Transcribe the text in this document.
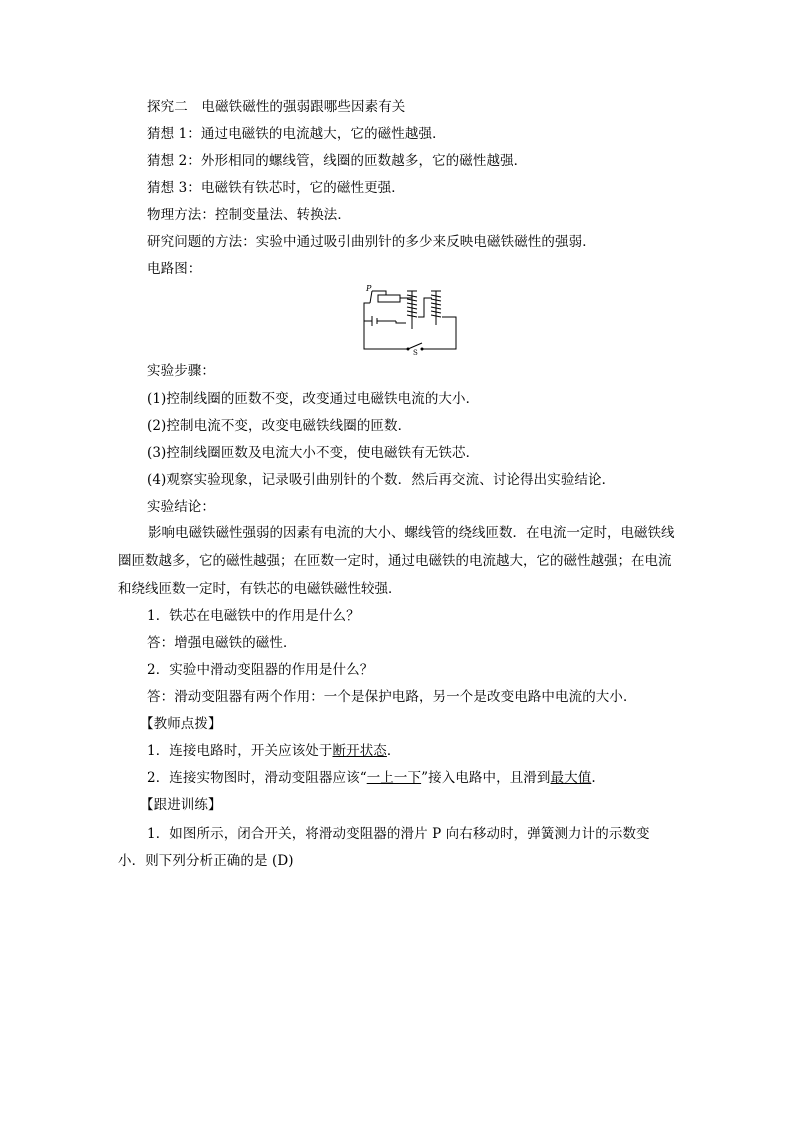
探究二　电磁铁磁性的强弱跟哪些因素有关
猜想 1：通过电磁铁的电流越大，它的磁性越强．
猜想 2：外形相同的螺线管，线圈的匝数越多，它的磁性越强．
猜想 3：电磁铁有铁芯时，它的磁性更强．
物理方法：控制变量法、转换法．
研究问题的方法：实验中通过吸引曲别针的多少来反映电磁铁磁性的强弱．
电路图：
P
S
实验步骤：
(1)控制线圈的匝数不变，改变通过电磁铁电流的大小．
(2)控制电流不变，改变电磁铁线圈的匝数．
(3)控制线圈匝数及电流大小不变，使电磁铁有无铁芯．
(4)观察实验现象，记录吸引曲别针的个数．然后再交流、讨论得出实验结论．
实验结论：
影响电磁铁磁性强弱的因素有电流的大小、螺线管的绕线匝数．在电流一定时，电磁铁线圈匝数越多，它的磁性越强；在匝数一定时，通过电磁铁的电流越大，它的磁性越强；在电流和绕线匝数一定时，有铁芯的电磁铁磁性较强．
1．铁芯在电磁铁中的作用是什么？
答：增强电磁铁的磁性．
2．实验中滑动变阻器的作用是什么？
答：滑动变阻器有两个作用：一个是保护电路，另一个是改变电路中电流的大小．
【教师点拨】
1．连接电路时，开关应该处于断开状态．
2．连接实物图时，滑动变阻器应该“一上一下”接入电路中，且滑到最大值.
【跟进训练】
1．如图所示，闭合开关，将滑动变阻器的滑片 P 向右移动时，弹簧测力计的示数变
小．则下列分析正确的是 (D)
